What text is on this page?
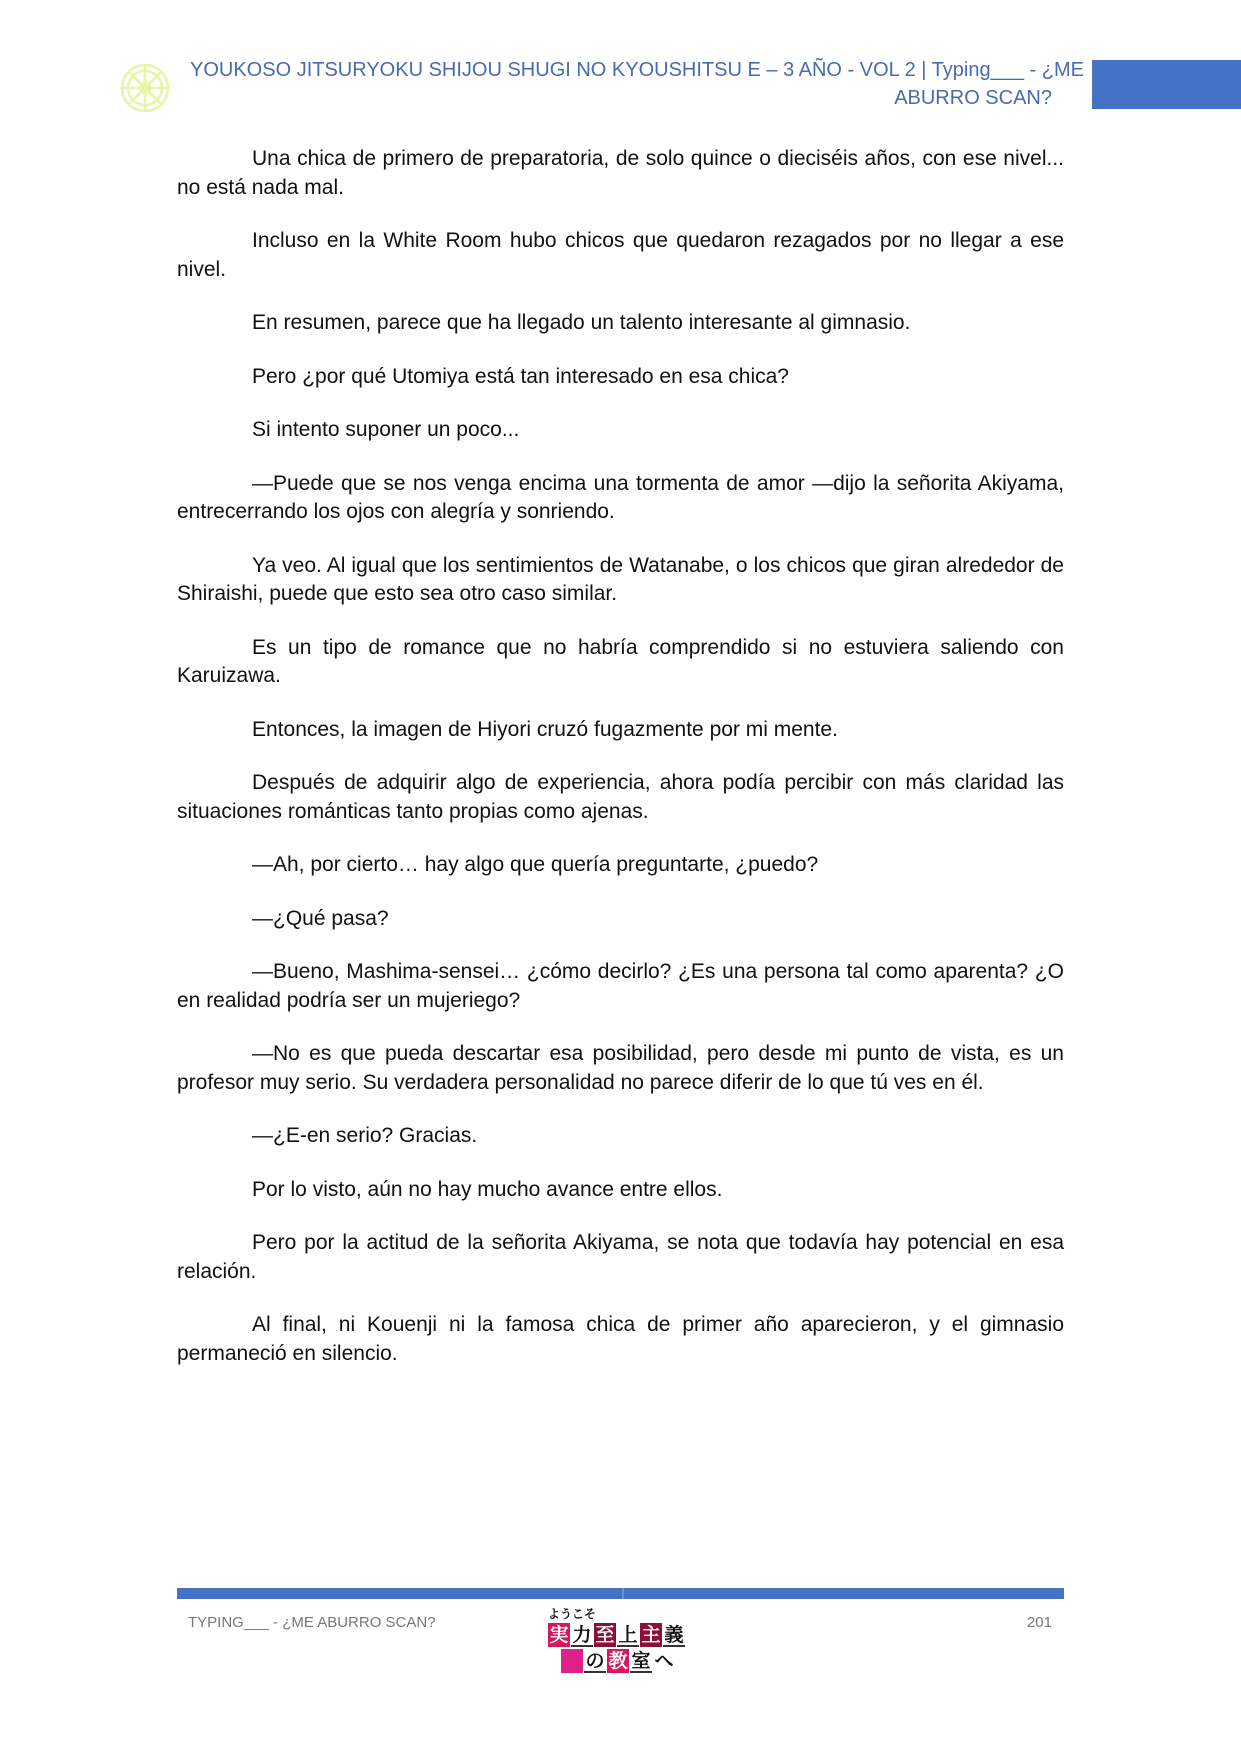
YOUKOSO JITSURYOKU SHIJOU SHUGI NO KYOUSHITSU E – 3 AÑO - VOL 2 | Typing___ - ¿ME
ABURRO SCAN?

Una chica de primero de preparatoria, de solo quince o dieciséis años, con ese nivel... no está nada mal.

Incluso en la White Room hubo chicos que quedaron rezagados por no llegar a ese nivel.

En resumen, parece que ha llegado un talento interesante al gimnasio.

Pero ¿por qué Utomiya está tan interesado en esa chica?

Si intento suponer un poco...

—Puede que se nos venga encima una tormenta de amor —dijo la señorita Akiyama, entrecerrando los ojos con alegría y sonriendo.

Ya veo. Al igual que los sentimientos de Watanabe, o los chicos que giran alrededor de Shiraishi, puede que esto sea otro caso similar.

Es un tipo de romance que no habría comprendido si no estuviera saliendo con Karuizawa.

Entonces, la imagen de Hiyori cruzó fugazmente por mi mente.

Después de adquirir algo de experiencia, ahora podía percibir con más claridad las situaciones románticas tanto propias como ajenas.

—Ah, por cierto… hay algo que quería preguntarte, ¿puedo?

—¿Qué pasa?

—Bueno, Mashima-sensei… ¿cómo decirlo? ¿Es una persona tal como aparenta? ¿O en realidad podría ser un mujeriego?

—No es que pueda descartar esa posibilidad, pero desde mi punto de vista, es un profesor muy serio. Su verdadera personalidad no parece diferir de lo que tú ves en él.

—¿E-en serio? Gracias.

Por lo visto, aún no hay mucho avance entre ellos.

Pero por la actitud de la señorita Akiyama, se nota que todavía hay potencial en esa relación.

Al final, ni Kouenji ni la famosa chica de primer año aparecieron, y el gimnasio permaneció en silencio.

TYPING___ - ¿ME ABURRO SCAN?	ようこそ
実 力 至 上 主 義
の 教 室 へ
201
